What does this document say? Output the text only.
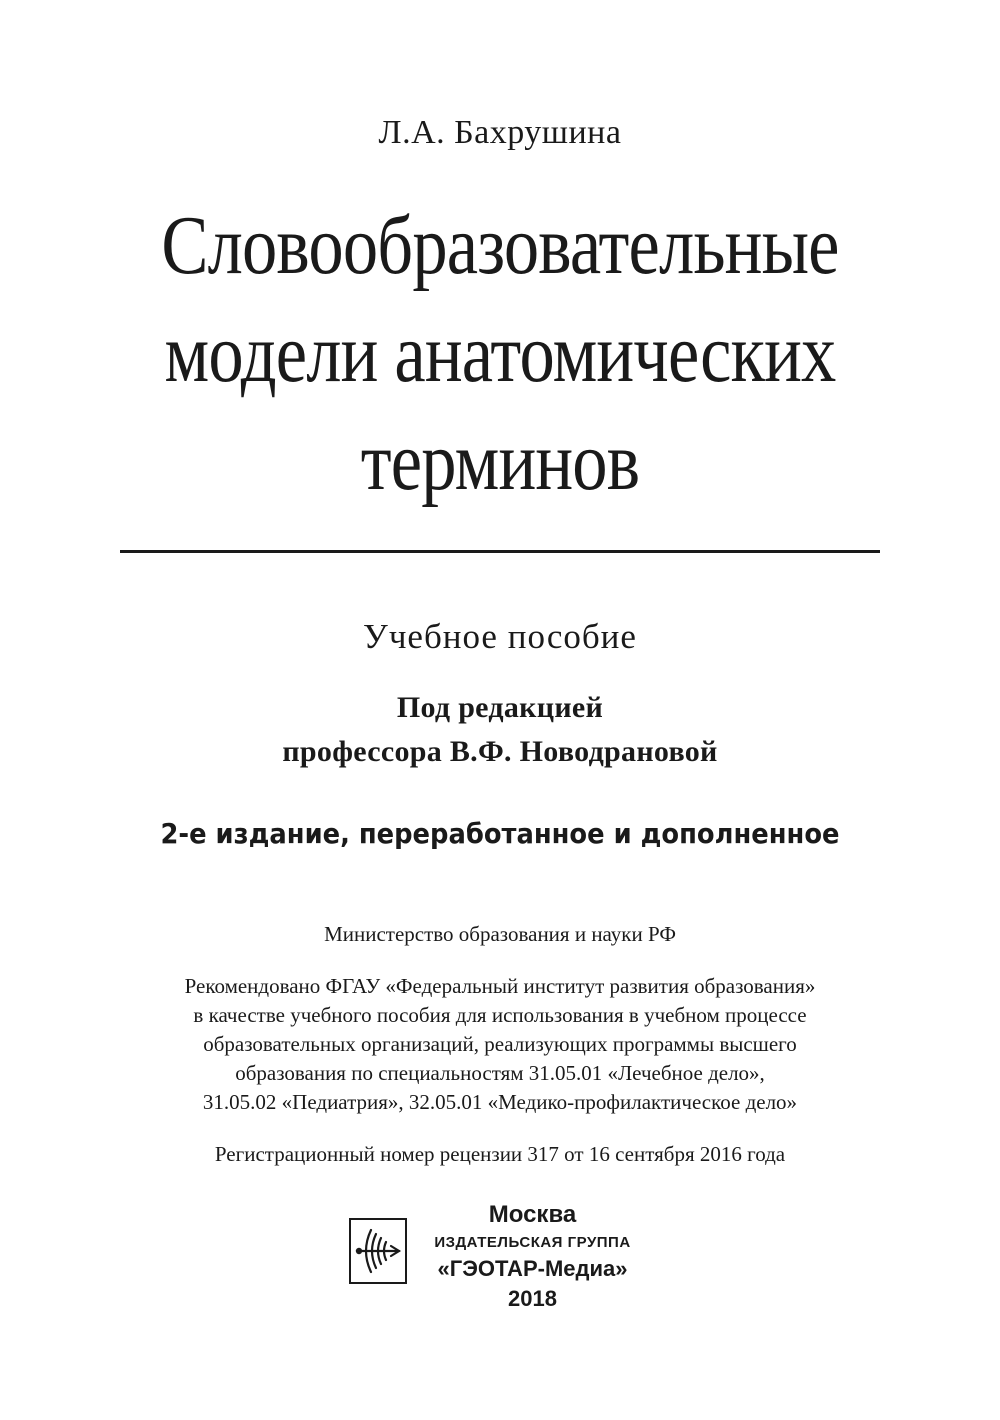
Л.А. Бахрушина
Словообразовательные
модели анатомических
терминов
Учебное пособие
Под редакцией
профессора В.Ф. Новодрановой
2-е издание, переработанное и дополненное
Министерство образования и науки РФ
Рекомендовано ФГАУ «Федеральный институт развития образования»
в качестве учебного пособия для использования в учебном процессе
образовательных организаций, реализующих программы высшего
образования по специальностям 31.05.01 «Лечебное дело»,
31.05.02 «Педиатрия», 32.05.01 «Медико-профилактическое дело»
Регистрационный номер рецензии 317 от 16 сентября 2016 года
Москва
ИЗДАТЕЛЬСКАЯ ГРУППА
«ГЭОТАР-Медиа»
2018
